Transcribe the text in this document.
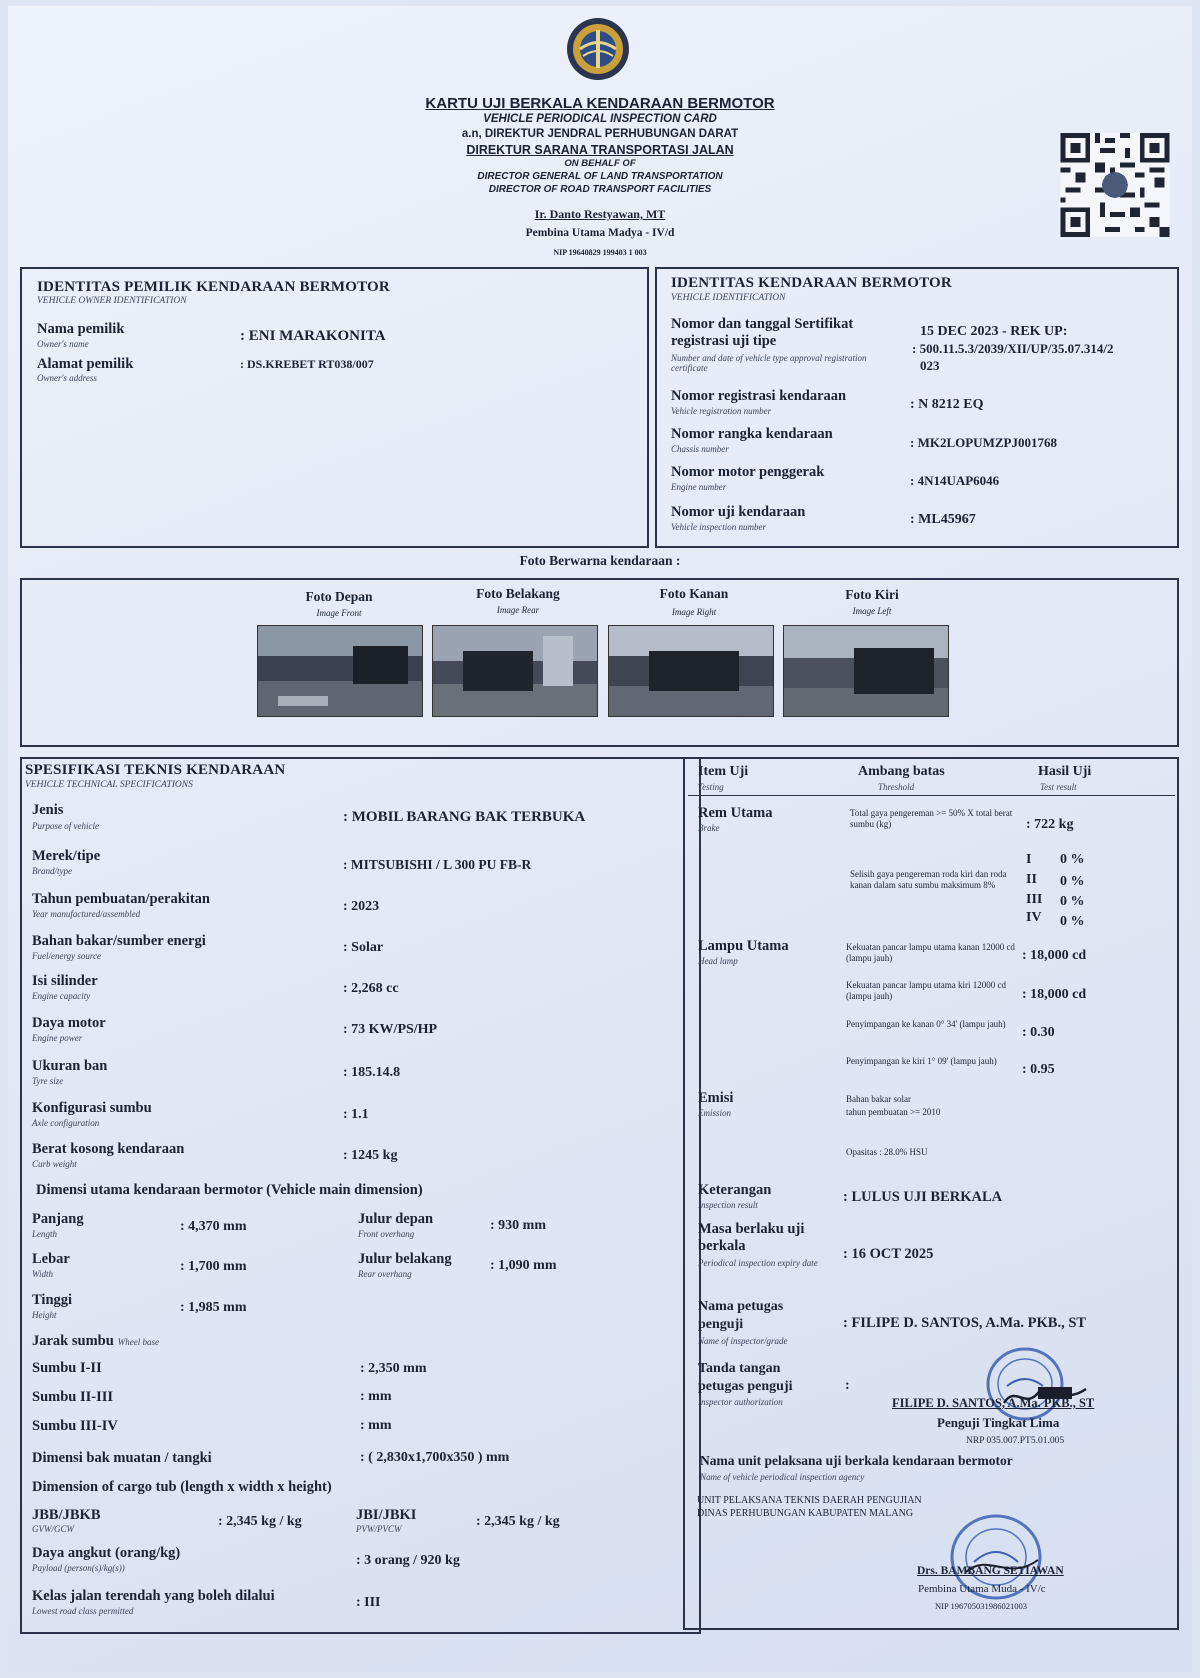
KARTU UJI BERKALA KENDARAAN BERMOTOR
VEHICLE PERIODICAL INSPECTION CARD
a.n, DIREKTUR JENDRAL PERHUBUNGAN DARAT
DIREKTUR SARANA TRANSPORTASI JALAN
ON BEHALF OF
DIRECTOR GENERAL OF LAND TRANSPORTATION
DIRECTOR OF ROAD TRANSPORT FACILITIES
Ir. Danto Restyawan, MT
Pembina Utama Madya - IV/d
NIP 19640829 199403 1 003
IDENTITAS PEMILIK KENDARAAN BERMOTOR
VEHICLE OWNER IDENTIFICATION
Nama pemilik
Owner's name	: ENI MARAKONITA
Alamat pemilik
Owner's address
: DS.KREBET RT038/007
IDENTITAS KENDARAAN BERMOTOR
VEHICLE IDENTIFICATION
Nomor dan tanggal Sertifikat registrasi uji tipe
Number and date of vehicle type approval registration certificate
15 DEC 2023 - REK UP:
: 500.11.5.3/2039/XII/UP/35.07.314/2
023
Nomor registrasi kendaraan
Vehicle registration number	: N 8212 EQ
Nomor rangka kendaraan
Chassis number	: MK2LOPUMZPJ001768
Nomor motor penggerak
Engine number	: 4N14UAP6046
Nomor uji kendaraan
Vehicle inspection number	: ML45967
Foto Berwarna kendaraan :
Foto Depan
Image Front
Foto Belakang
Image Rear
Foto Kanan
Image Right
Foto Kiri
Image Left
SPESIFIKASI TEKNIS KENDARAAN
VEHICLE TECHNICAL SPECIFICATIONS
Jenis
Purpose of vehicle
: MOBIL BARANG BAK TERBUKA
Merek/tipe
Brand/type	: MITSUBISHI / L 300 PU FB-R
Tahun pembuatan/perakitan
Year manufactured/assembled	: 2023
Bahan bakar/sumber energi
Fuel/energy source
: Solar
Isi silinder
Engine capacity	: 2,268 cc
Daya motor
Engine power
: 73 KW/PS/HP
Ukuran ban
Tyre size
: 185.14.8
Konfigurasi sumbu
Axle configuration
: 1.1
Berat kosong kendaraan
Curb weight
: 1245 kg
Dimensi utama kendaraan bermotor (Vehicle main dimension)
Panjang
Length	: 4,370 mm	Julur depan
Front overhang
: 930 mm
Lebar
Width	: 1,700 mm	Julur belakang
Rear overhang
: 1,090 mm
Tinggi
Height	: 1,985 mm
Jarak sumbu Wheel base
Sumbu I-II	: 2,350 mm
Sumbu II-III	: mm
Sumbu III-IV	: mm
Dimensi bak muatan / tangki	: ( 2,830x1,700x350 ) mm
Dimension of cargo tub (length x width x height)
JBB/JBKB
GVW/GCW	: 2,345 kg / kg	JBI/JBKI
PVW/PVCW	: 2,345 kg / kg
Daya angkut (orang/kg)
Payload (person(s)/kg(s))	: 3 orang / 920 kg
Kelas jalan terendah yang boleh dilalui
Lowest road class permitted
: III
Item Uji
Testing
Ambang batas
Threshold
Hasil Uji
Test result
Rem Utama
Brake
Total gaya pengereman >= 50% X total berat sumbu (kg)	: 722 kg
Selisih gaya pengereman roda kiri dan roda kanan dalam satu sumbu maksimum 8%
I 0 %
II 0 %
III 0 %
IV 0 %
Lampu Utama
Head lamp
Kekuatan pancar lampu utama kanan 12000 cd (lampu jauh)	: 18,000 cd
Kekuatan pancar lampu utama kiri 12000 cd (lampu jauh)	: 18,000 cd
Penyimpangan ke kanan 0° 34' (lampu jauh)
: 0.30
Penyimpangan ke kiri 1° 09' (lampu jauh)
: 0.95
Emisi
Emission
Bahan bakar solar
tahun pembuatan >= 2010
Opasitas : 28.0% HSU
Keterangan
Inspection result	: LULUS UJI BERKALA
Masa berlaku uji berkala
Periodical inspection expiry date
: 16 OCT 2025
Nama petugas penguji
Name of inspector/grade
: FILIPE D. SANTOS, A.Ma. PKB., ST
Tanda tangan petugas penguji
Inspector authorization
:
FILIPE D. SANTOS, A.Ma. PKB., ST
Penguji Tingkat Lima
NRP 035.007.PT5.01.005
Nama unit pelaksana uji berkala kendaraan bermotor
Name of vehicle periodical inspection agency
UNIT PELAKSANA TEKNIS DAERAH PENGUJIAN
DINAS PERHUBUNGAN KABUPATEN MALANG
Drs. BAMBANG SETIAWAN
Pembina Utama Muda - IV/c
NIP 196705031986021003
